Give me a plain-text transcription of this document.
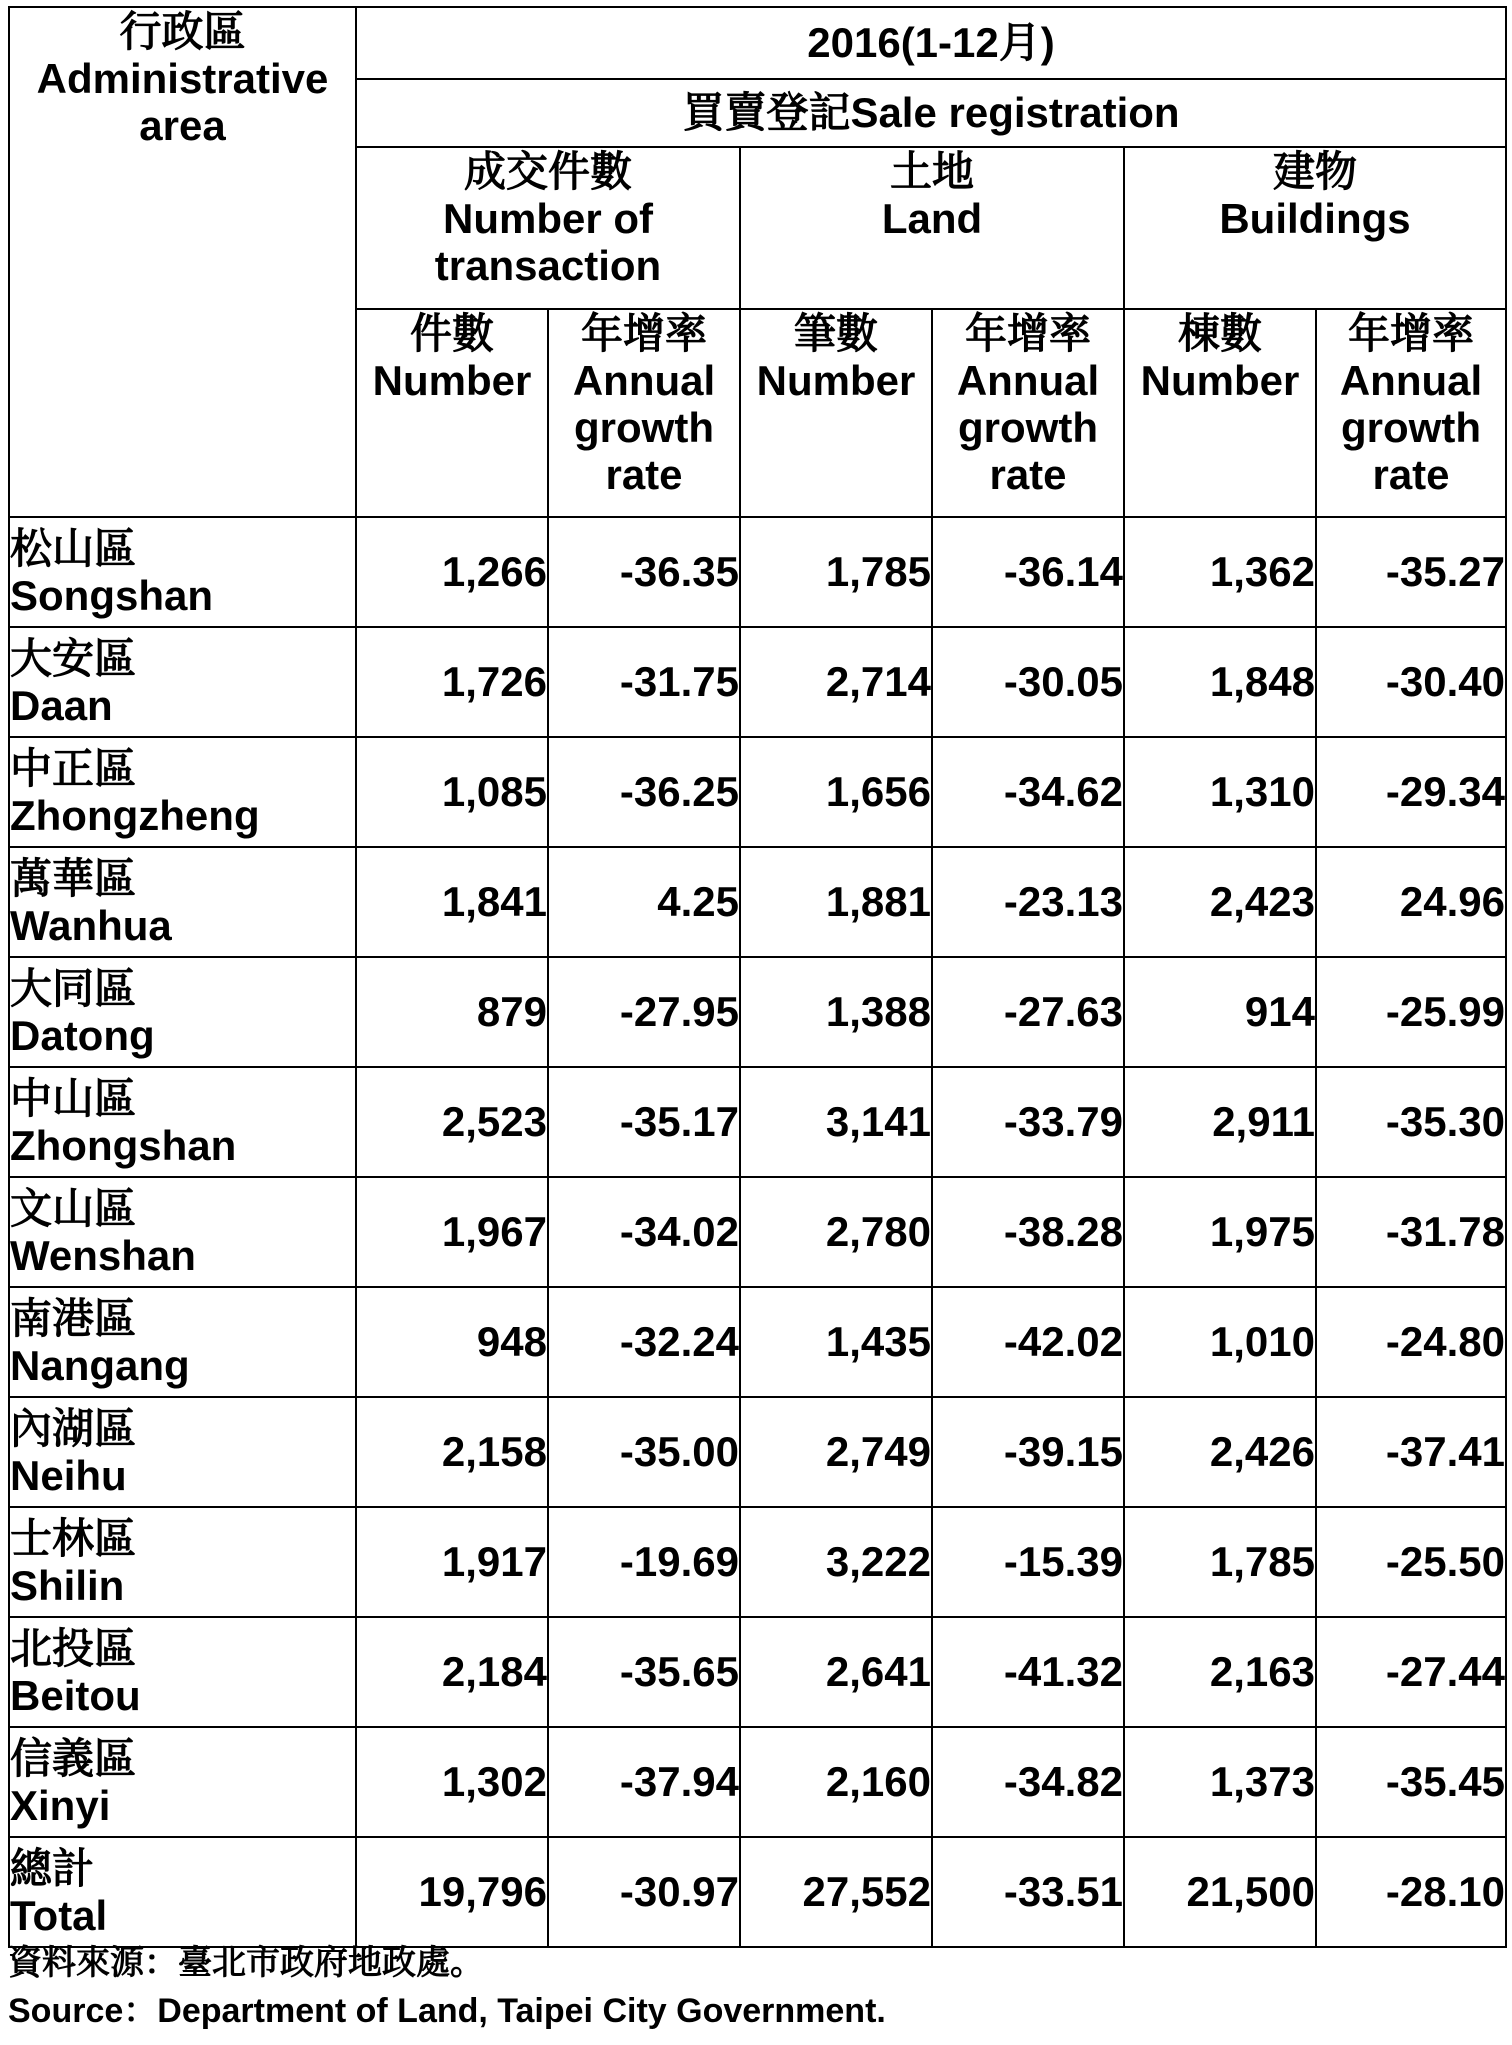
行政區
Administrative
area	2016(1-12月)					
	買賣登記Sale registration					

	成交件數
Number of
transaction		土地
Land		建物
Buildings	

	件數
Number	年增率
Annual
growth
rate	筆數
Number	年增率
Annual
growth
rate	棟數
Number	年增率
Annual
growth
rate

松山區
Songshan	1,266	-36.35	1,785	-36.14	1,362	-35.27

大安區
Daan	1,726	-31.75	2,714	-30.05	1,848	-30.40

中正區
Zhongzheng	1,085	-36.25	1,656	-34.62	1,310	-29.34

萬華區
Wanhua	1,841	4.25	1,881	-23.13	2,423	24.96

大同區
Datong	879	-27.95	1,388	-27.63	914	-25.99

中山區
Zhongshan	2,523	-35.17	3,141	-33.79	2,911	-35.30

文山區
Wenshan	1,967	-34.02	2,780	-38.28	1,975	-31.78

南港區
Nangang	948	-32.24	1,435	-42.02	1,010	-24.80

內湖區
Neihu	2,158	-35.00	2,749	-39.15	2,426	-37.41

士林區
Shilin	1,917	-19.69	3,222	-15.39	1,785	-25.50

北投區
Beitou	2,184	-35.65	2,641	-41.32	2,163	-27.44

信義區
Xinyi	1,302	-37.94	2,160	-34.82	1,373	-35.45

總計
Total	19,796	-30.97	27,552	-33.51	21,500	-28.10
資料來源：臺北市政府地政處。
Source：Department of Land, Taipei City Government.
